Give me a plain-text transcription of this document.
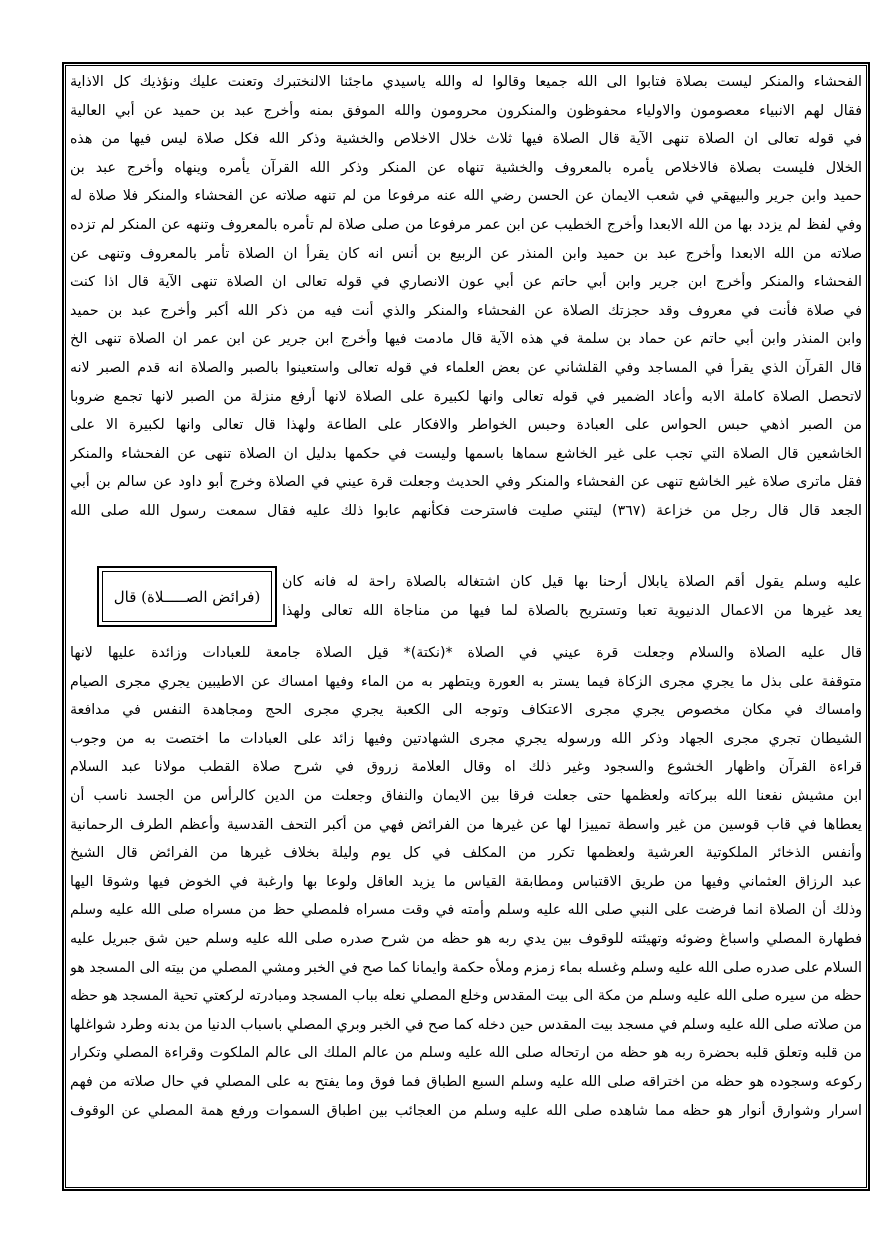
الفحشاء والمنكر ليست بصلاة فتابوا الى الله جميعا وقالوا له والله ياسيدي ماجئنا الالنختبرك وتعنت عليك ونؤذيك كل الاذاية
فقال لهم الانبياء معصومون والاولياء محفوظون والمنكرون محرومون والله الموفق بمنه وأخرج عبد بن حميد عن أبي العالية
في قوله تعالى ان الصلاة تنهى الآية قال الصلاة فيها ثلاث خلال الاخلاص والخشية وذكر الله فكل صلاة ليس فيها من هذه
الخلال فليست بصلاة فالاخلاص يأمره بالمعروف والخشية تنهاه عن المنكر وذكر الله القرآن يأمره وينهاه وأخرج عبد بن
حميد وابن جرير والبيهقي في شعب الايمان عن الحسن رضي الله عنه مرفوعا من لم تنهه صلاته عن الفحشاء والمنكر فلا صلاة له
وفي لفظ لم يزدد بها من الله الابعدا وأخرج الخطيب عن ابن عمر مرفوعا من صلى صلاة لم تأمره بالمعروف وتنهه عن المنكر لم تزده
صلاته من الله الابعدا وأخرج عبد بن حميد وابن المنذر عن الربيع بن أنس انه كان يقرأ ان الصلاة تأمر بالمعروف وتنهى عن
الفحشاء والمنكر وأخرج ابن جرير وابن أبي حاتم عن أبي عون الانصاري في قوله تعالى ان الصلاة تنهى الآية قال اذا كنت
في صلاة فأنت في معروف وقد حجزتك الصلاة عن الفحشاء والمنكر والذي أنت فيه من ذكر الله أكبر وأخرج عبد بن حميد
وابن المنذر وابن أبي حاتم عن حماد بن سلمة في هذه الآية قال مادمت فيها وأخرج ابن جرير عن ابن عمر ان الصلاة تنهى الخ
قال القرآن الذي يقرأ في المساجد وفي القلشاني عن بعض العلماء في قوله تعالى واستعينوا بالصبر والصلاة انه قدم الصبر لانه
لاتحصل الصلاة كاملة الابه وأعاد الضمير في قوله تعالى وانها لكبيرة على الصلاة لانها أرفع منزلة من الصبر لانها تجمع ضروبا
من الصبر اذهي حبس الحواس على العبادة وحبس الخواطر والافكار على الطاعة ولهذا قال تعالى وانها لكبيرة الا على
الخاشعين قال الصلاة التي تجب على غير الخاشع سماها باسمها وليست في حكمها بدليل ان الصلاة تنهى عن الفحشاء والمنكر
فقل ماترى صلاة غير الخاشع تنهى عن الفحشاء والمنكر وفي الحديث وجعلت قرة عيني في الصلاة وخرج أبو داود عن سالم بن أبي
الجعد قال قال رجل من خزاعة (٣٦٧) ليتني صليت فاسترحت فكأنهم عابوا ذلك عليه فقال سمعت رسول الله صلى الله
(فرائض الصـــــلاة) قال
عليه وسلم يقول أقم الصلاة يابلال أرحنا بها قيل كان اشتغاله بالصلاة راحة له فانه كان
يعد غيرها من الاعمال الدنيوية تعبا وتستريح بالصلاة لما فيها من مناجاة الله تعالى ولهذا
قال عليه الصلاة والسلام وجعلت قرة عيني في الصلاة *(نكتة)* قيل الصلاة جامعة للعبادات وزائدة عليها لانها
متوقفة على بذل ما يجري مجرى الزكاة فيما يستر به العورة ويتطهر به من الماء وفيها امساك عن الاطيبين يجري مجرى الصيام
وامساك في مكان مخصوص يجري مجرى الاعتكاف وتوجه الى الكعبة يجري مجرى الحج ومجاهدة النفس في مدافعة
الشيطان تجري مجرى الجهاد وذكر الله ورسوله يجري مجرى الشهادتين وفيها زائد على العبادات ما اختصت به من وجوب
قراءة القرآن واظهار الخشوع والسجود وغير ذلك اه وقال العلامة زروق في شرح صلاة القطب مولانا عبد السلام
ابن مشيش نفعنا الله ببركاته ولعظمها حتى جعلت فرقا بين الايمان والنفاق وجعلت من الدين كالرأس من الجسد ناسب أن
يعطاها في قاب قوسين من غير واسطة تمييزا لها عن غيرها من الفرائض فهي من أكبر التحف القدسية وأعظم الطرف الرحمانية
وأنفس الذخائر الملكوتية العرشية ولعظمها تكرر من المكلف في كل يوم وليلة بخلاف غيرها من الفرائض قال الشيخ
عبد الرزاق العثماني وفيها من طريق الاقتباس ومطابقة القياس ما يزيد العاقل ولوعا بها وارغبة في الخوض فيها وشوقا اليها
وذلك أن الصلاة انما فرضت على النبي صلى الله عليه وسلم وأمته في وقت مسراه فلمصلي حظ من مسراه صلى الله عليه وسلم
فطهارة المصلي واسباغ وضوئه وتهيئته للوقوف بين يدي ربه هو حظه من شرح صدره صلى الله عليه وسلم حين شق جبريل عليه
السلام على صدره صلى الله عليه وسلم وغسله بماء زمزم وملأه حكمة وايمانا كما صح في الخبر ومشي المصلي من بيته الى المسجد هو
حظه من سيره صلى الله عليه وسلم من مكة الى بيت المقدس وخلع المصلي نعله بباب المسجد ومبادرته لركعتي تحية المسجد هو حظه
من صلاته صلى الله عليه وسلم في مسجد بيت المقدس حين دخله كما صح في الخبر وبري المصلي باسباب الدنيا من بدنه وطرد شواغلها
من قلبه وتعلق قلبه بحضرة ربه هو حظه من ارتحاله صلى الله عليه وسلم من عالم الملك الى عالم الملكوت وقراءة المصلي وتكرار
ركوعه وسجوده هو حظه من اختراقه صلى الله عليه وسلم السبع الطباق فما فوق وما يفتح به على المصلي في حال صلاته من فهم
اسرار وشوارق أنوار هو حظه مما شاهده صلى الله عليه وسلم من العجائب بين اطباق السموات ورفع همة المصلي عن الوقوف
